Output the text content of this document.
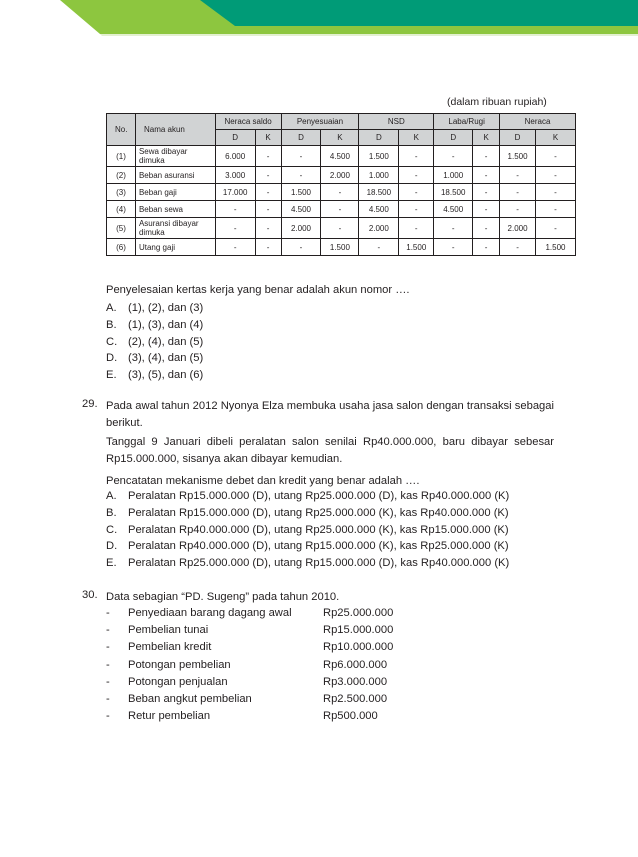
(dalam ribuan rupiah)
No.	Nama akun	Neraca saldo		Penyesuaian		NSD		Laba/Rugi		Neraca	
		D	K	D	K	D	K	D	K	D	K
(1)	Sewa dibayar dimuka	6.000	-	-	4.500	1.500	-	-	-	1.500	-
(2)	Beban asuransi	3.000	-	-	2.000	1.000	-	1.000	-	-	-
(3)	Beban gaji	17.000	-	1.500	-	18.500	-	18.500	-	-	-
(4)	Beban sewa	-	-	4.500	-	4.500	-	4.500	-	-	-
(5)	Asuransi dibayar dimuka	-	-	2.000	-	2.000	-	-	-	2.000	-
(6)	Utang gaji	-	-	-	1.500	-	1.500	-	-	-	1.500
Penyelesaian kertas kerja yang benar adalah akun nomor ….
A. (1), (2), dan (3)
B. (1), (3), dan (4)
C. (2), (4), dan (5)
D. (3), (4), dan (5)
E. (3), (5), dan (6)
29. Pada awal tahun 2012 Nyonya Elza membuka usaha jasa salon dengan transaksi sebagai
berikut.
Tanggal 9 Januari dibeli peralatan salon senilai Rp40.000.000, baru dibayar sebesar
Rp15.000.000, sisanya akan dibayar kemudian.
Pencatatan mekanisme debet dan kredit yang benar adalah ….
A. Peralatan Rp15.000.000 (D), utang Rp25.000.000 (D), kas Rp40.000.000 (K)
B. Peralatan Rp15.000.000 (D), utang Rp25.000.000 (K), kas Rp40.000.000 (K)
C. Peralatan Rp40.000.000 (D), utang Rp25.000.000 (K), kas Rp15.000.000 (K)
D. Peralatan Rp40.000.000 (D), utang Rp15.000.000 (K), kas Rp25.000.000 (K)
E. Peralatan Rp25.000.000 (D), utang Rp15.000.000 (D), kas Rp40.000.000 (K)
30. Data sebagian “PD. Sugeng” pada tahun 2010.
- Penyediaan barang dagang awal	Rp25.000.000
- Pembelian tunai	Rp15.000.000
- Pembelian kredit	Rp10.000.000
- Potongan pembelian	Rp6.000.000
- Potongan penjualan	Rp3.000.000
- Beban angkut pembelian	Rp2.500.000
- Retur pembelian	Rp500.000
